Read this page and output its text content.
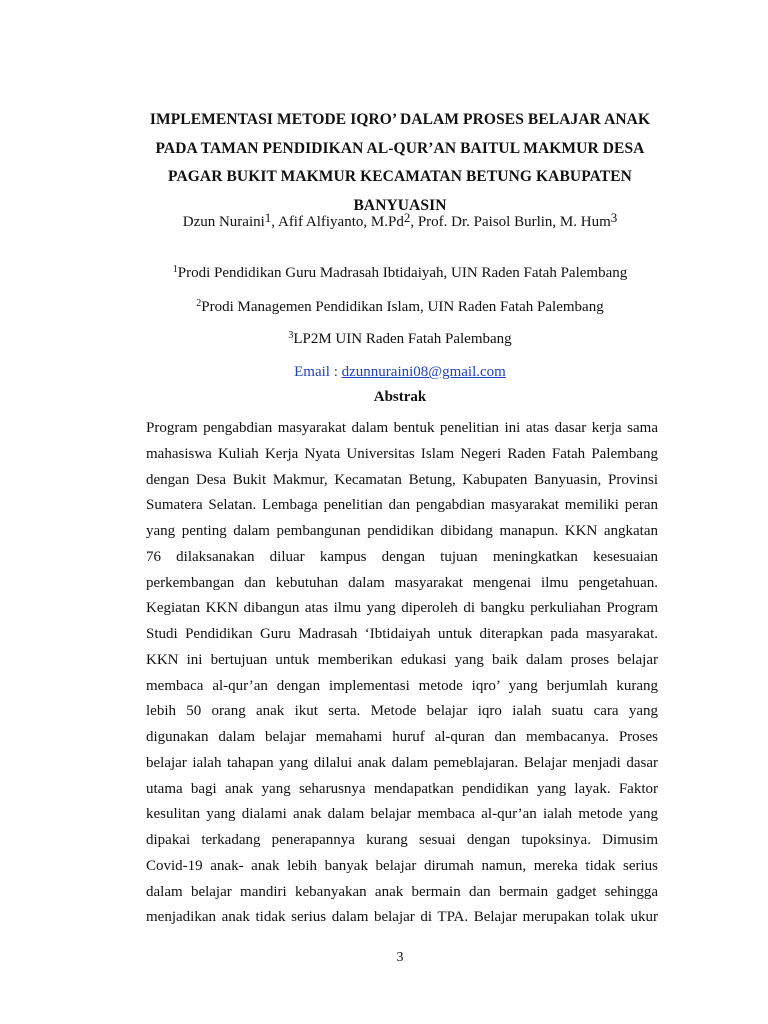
IMPLEMENTASI METODE IQRO’ DALAM PROSES BELAJAR ANAK
PADA TAMAN PENDIDIKAN AL-QUR’AN BAITUL MAKMUR DESA
PAGAR BUKIT MAKMUR KECAMATAN BETUNG KABUPATEN
BANYUASIN

Dzun Nuraini$^1$, Afif Alfiyanto, M.Pd$^2$, Prof. Dr. Paisol Burlin, M. Hum$^3$

$^1$Prodi Pendidikan Guru Madrasah Ibtidaiyah, UIN Raden Fatah Palembang

$^2$Prodi Managemen Pendidikan Islam, UIN Raden Fatah Palembang

$^3$LP2M UIN Raden Fatah Palembang

Email : dzunnuraini08@gmail.com

Abstrak
Program pengabdian masyarakat dalam bentuk penelitian ini atas dasar kerja sama
mahasiswa Kuliah Kerja Nyata Universitas Islam Negeri Raden Fatah Palembang
dengan Desa Bukit Makmur, Kecamatan Betung, Kabupaten Banyuasin, Provinsi
Sumatera Selatan. Lembaga penelitian dan pengabdian masyarakat memiliki peran
yang penting dalam pembangunan pendidikan dibidang manapun. KKN angkatan
76 dilaksanakan diluar kampus dengan tujuan meningkatkan kesesuaian
perkembangan dan kebutuhan dalam masyarakat mengenai ilmu pengetahuan.
Kegiatan KKN dibangun atas ilmu yang diperoleh di bangku perkuliahan Program
Studi Pendidikan Guru Madrasah ‘Ibtidaiyah untuk diterapkan pada masyarakat.
KKN ini bertujuan untuk memberikan edukasi yang baik dalam proses belajar
membaca al-qur’an dengan implementasi metode iqro’ yang berjumlah kurang
lebih 50 orang anak ikut serta. Metode belajar iqro ialah suatu cara yang
digunakan dalam belajar memahami huruf al-quran dan membacanya. Proses
belajar ialah tahapan yang dilalui anak dalam pemeblajaran. Belajar menjadi dasar
utama bagi anak yang seharusnya mendapatkan pendidikan yang layak. Faktor
kesulitan yang dialami anak dalam belajar membaca al-qur’an ialah metode yang
dipakai terkadang penerapannya kurang sesuai dengan tupoksinya. Dimusim
Covid-19 anak- anak lebih banyak belajar dirumah namun, mereka tidak serius
dalam belajar mandiri kebanyakan anak bermain dan bermain gadget sehingga
menjadikan anak tidak serius dalam belajar di TPA. Belajar merupakan tolak ukur
3
